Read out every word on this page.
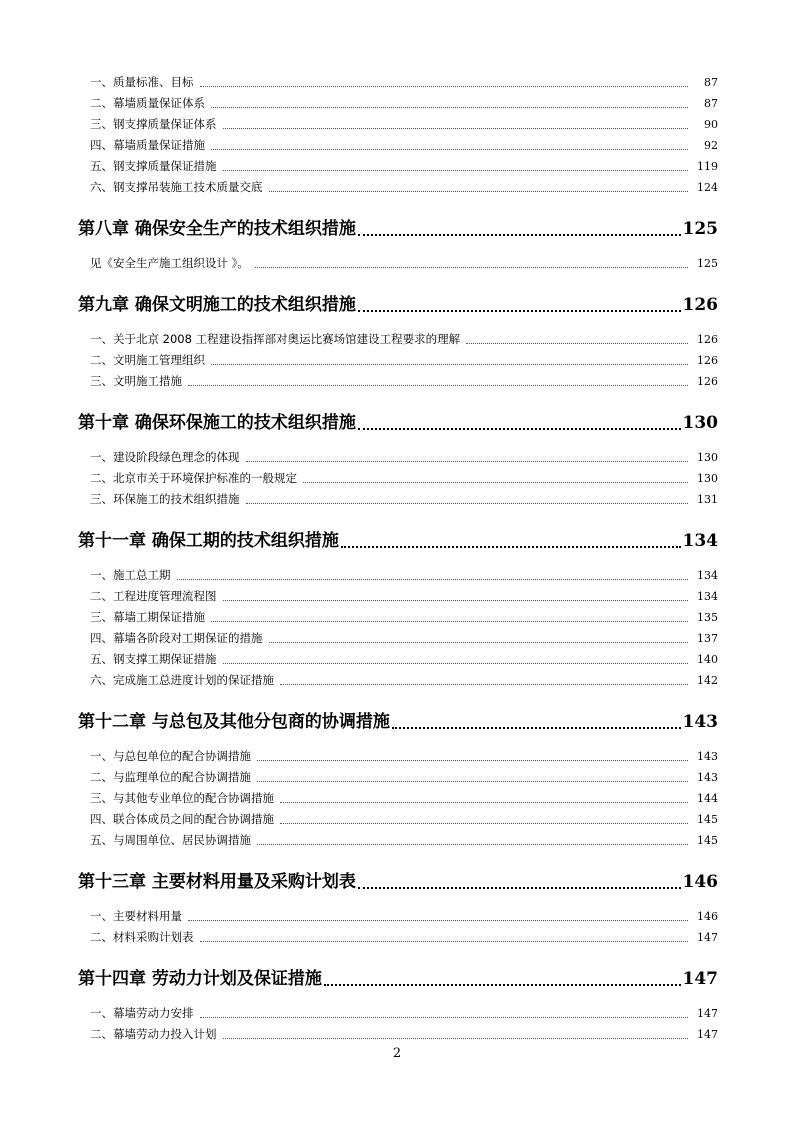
一、质量标准、目标	87
二、幕墙质量保证体系	87
三、钢支撑质量保证体系	90
四、幕墙质量保证措施	92
五、钢支撑质量保证措施	119
六、钢支撑吊装施工技术质量交底	124
第八章 确保安全生产的技术组织措施	125
见《安全生产施工组织设计 》。	125
第九章 确保文明施工的技术组织措施	126
一、关于北京 2008 工程建设指挥部对奥运比赛场馆建设工程要求的理解	126
二、文明施工管理组织	126
三、文明施工措施	126
第十章 确保环保施工的技术组织措施	130
一、建设阶段绿色理念的体现	130
二、北京市关于环境保护标准的一般规定	130
三、环保施工的技术组织措施	131
第十一章 确保工期的技术组织措施	134
一、施工总工期	134
二、工程进度管理流程图	134
三、幕墙工期保证措施	135
四、幕墙各阶段对工期保证的措施	137
五、钢支撑工期保证措施	140
六、完成施工总进度计划的保证措施	142
第十二章 与总包及其他分包商的协调措施	143
一、与总包单位的配合协调措施	143
二、与监理单位的配合协调措施	143
三、与其他专业单位的配合协调措施	144
四、联合体成员之间的配合协调措施	145
五、与周围单位、居民协调措施	145
第十三章 主要材料用量及采购计划表	146
一、主要材料用量	146
二、材料采购计划表	147
第十四章 劳动力计划及保证措施	147
一、幕墙劳动力安排	147
二、幕墙劳动力投入计划	147
2
